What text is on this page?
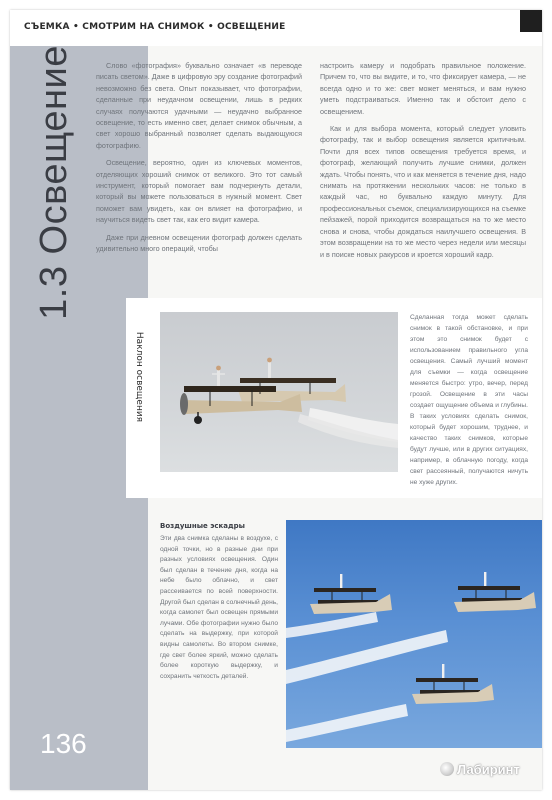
СЪЕМКА • СМОТРИМ НА СНИМОК • ОСВЕЩЕНИЕ
1.3 Освещение
136

Слово «фотография» буквально означает «в переводе писать светом». Даже в цифровую эру создание фотографий невозможно без света. Опыт показывает, что фотографии, сделанные при неудачном освещении, лишь в редких случаях получаются удачными — неудачно выбранное освещение, то есть именно свет, делает снимок обычным, а свет хорошо выбранный позволяет сделать выдающуюся фотографию.

Освещение, вероятно, один из ключевых моментов, отделяющих хороший снимок от великого. Это тот самый инструмент, который помогает вам подчеркнуть детали, который вы можете пользоваться в нужный момент. Свет поможет вам увидеть, как он влияет на фотографию, и научиться видеть свет так, как его видит камера.

Даже при дневном освещении фотограф должен сделать удивительно много операций, чтобы

настроить камеру и подобрать правильное положение. Причем то, что вы видите, и то, что фиксирует камера, — не всегда одно и то же: свет может меняться, и вам нужно уметь подстраиваться. Именно так и обстоит дело с освещением.

Как и для выбора момента, который следует уловить фотографу, так и выбор освещения является критичным. Почти для всех типов освещения требуется время, и фотограф, желающий получить лучшие снимки, должен ждать. Чтобы понять, что и как меняется в течение дня, надо снимать на протяжении нескольких часов: не только в каждый час, но буквально каждую минуту. Для профессиональных съемок, специализирующихся на съемке пейзажей, порой приходится возвращаться на то же место снова и снова, чтобы дождаться наилучшего освещения. В этом возвращении на то же место через недели или месяцы и в поиске новых ракурсов и кроется хороший кадр.

Наклон освещения

Сделанная тогда может сделать снимок в такой обстановке, и при этом это снимок будет с использованием правильного угла освещения. Самый лучший момент для съемки — когда освещение меняется быстро: утро, вечер, перед грозой. Освещение в эти часы создает ощущение объема и глубины. В таких условиях сделать снимок, который будет хорошим, труднее, и качество таких снимков, которые будут лучше, или в других ситуациях, например, в облачную погоду, когда свет рассеянный, получаются ничуть не хуже других.

Воздушные эскадры

Эти два снимка сделаны в воздухе, с одной точки, но в разные дни при разных условиях освещения. Один был сделан в течение дня, когда на небе было облачно, и свет рассеивается по всей поверхности. Другой был сделан в солнечный день, когда самолет был освещен прямыми лучами. Обе фотографии нужно было сделать на выдержку, при которой видны самолеты. Во втором снимке, где свет более яркий, можно сделать более короткую выдержку, и сохранить четкость деталей.

Лабиринт
